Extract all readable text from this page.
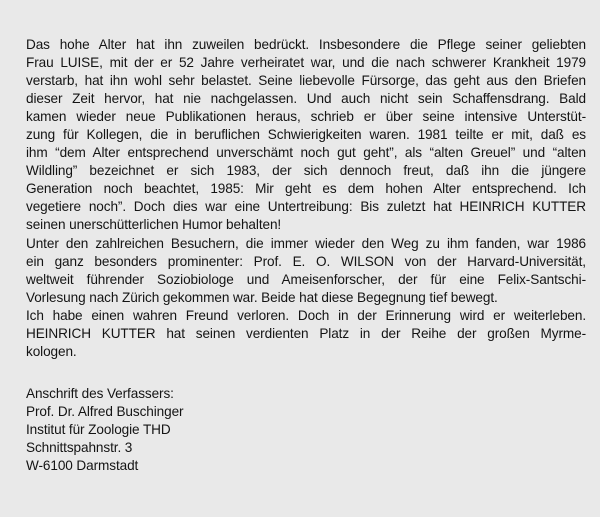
Das hohe Alter hat ihn zuweilen bedrückt. Insbesondere die Pflege seiner geliebten
Frau LUISE, mit der er 52 Jahre verheiratet war, und die nach schwerer Krankheit 1979
verstarb, hat ihn wohl sehr belastet. Seine liebevolle Fürsorge, das geht aus den Briefen
dieser Zeit hervor, hat nie nachgelassen. Und auch nicht sein Schaffensdrang. Bald
kamen wieder neue Publikationen heraus, schrieb er über seine intensive Unterstüt-
zung für Kollegen, die in beruflichen Schwierigkeiten waren. 1981 teilte er mit, daß es
ihm “dem Alter entsprechend unverschämt noch gut geht”, als “alten Greuel” und “alten
Wildling” bezeichnet er sich 1983, der sich dennoch freut, daß ihn die jüngere
Generation noch beachtet, 1985: Mir geht es dem hohen Alter entsprechend. Ich
vegetiere noch”. Doch dies war eine Untertreibung: Bis zuletzt hat HEINRICH KUTTER
seinen unerschütterlichen Humor behalten!
Unter den zahlreichen Besuchern, die immer wieder den Weg zu ihm fanden, war 1986
ein ganz besonders prominenter: Prof. E. O. WILSON von der Harvard-Universität,
weltweit führender Soziobiologe und Ameisenforscher, der für eine Felix-Santschi-
Vorlesung nach Zürich gekommen war. Beide hat diese Begegnung tief bewegt.
Ich habe einen wahren Freund verloren. Doch in der Erinnerung wird er weiterleben.
HEINRICH KUTTER hat seinen verdienten Platz in der Reihe der großen Myrme-
kologen.
Anschrift des Verfassers:
Prof. Dr. Alfred Buschinger
Institut für Zoologie THD
Schnittspahnstr. 3
W-6100 Darmstadt
